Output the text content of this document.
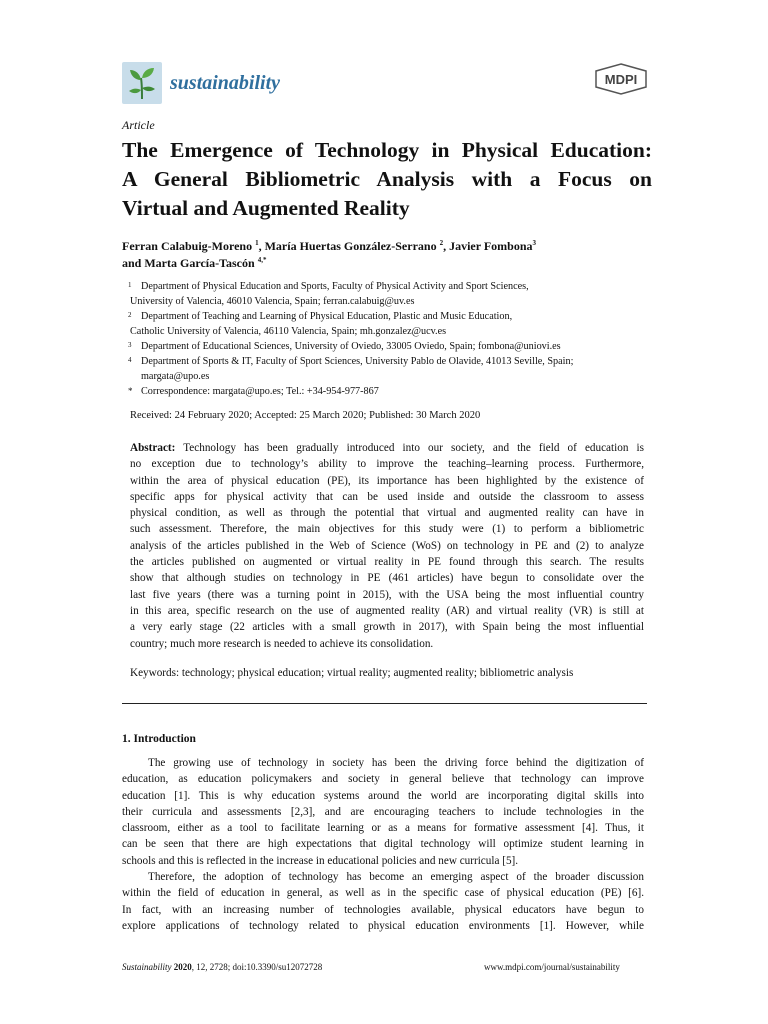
sustainability	MDPI
Article
The Emergence of Technology in Physical Education:
A General Bibliometric Analysis with a Focus on
Virtual and Augmented Reality
Ferran Calabuig-Moreno $^1$, María Huertas González-Serrano $^2$, Javier Fombona$^3$
and Marta García-Tascón $^{4,*}$
1 Department of Physical Education and Sports, Faculty of Physical Activity and Sport Sciences,
University of Valencia, 46010 Valencia, Spain; ferran.calabuig@uv.es
2 Department of Teaching and Learning of Physical Education, Plastic and Music Education,
Catholic University of Valencia, 46110 Valencia, Spain; mh.gonzalez@ucv.es
3 Department of Educational Sciences, University of Oviedo, 33005 Oviedo, Spain; fombona@uniovi.es
4 Department of Sports & IT, Faculty of Sport Sciences, University Pablo de Olavide, 41013 Seville, Spain;
margata@upo.es
* Correspondence: margata@upo.es; Tel.: +34-954-977-867
Received: 24 February 2020; Accepted: 25 March 2020; Published: 30 March 2020
Abstract: Technology has been gradually introduced into our society, and the field of education is
no exception due to technology’s ability to improve the teaching–learning process. Furthermore,
within the area of physical education (PE), its importance has been highlighted by the existence of
specific apps for physical activity that can be used inside and outside the classroom to assess
physical condition, as well as through the potential that virtual and augmented reality can have in
such assessment. Therefore, the main objectives for this study were (1) to perform a bibliometric
analysis of the articles published in the Web of Science (WoS) on technology in PE and (2) to analyze
the articles published on augmented or virtual reality in PE found through this search. The results
show that although studies on technology in PE (461 articles) have begun to consolidate over the
last five years (there was a turning point in 2015), with the USA being the most influential country
in this area, specific research on the use of augmented reality (AR) and virtual reality (VR) is still at
a very early stage (22 articles with a small growth in 2017), with Spain being the most influential
country; much more research is needed to achieve its consolidation.
Keywords: technology; physical education; virtual reality; augmented reality; bibliometric analysis
1. Introduction
The growing use of technology in society has been the driving force behind the digitization of
education, as education policymakers and society in general believe that technology can improve
education [1]. This is why education systems around the world are incorporating digital skills into
their curricula and assessments [2,3], and are encouraging teachers to include technologies in the
classroom, either as a tool to facilitate learning or as a means for formative assessment [4]. Thus, it
can be seen that there are high expectations that digital technology will optimize student learning in
schools and this is reflected in the increase in educational policies and new curricula [5].
Therefore, the adoption of technology has become an emerging aspect of the broader discussion
within the field of education in general, as well as in the specific case of physical education (PE) [6].
In fact, with an increasing number of technologies available, physical educators have begun to
explore applications of technology related to physical education environments [1]. However, while
Sustainability 2020, 12, 2728; doi:10.3390/su12072728	www.mdpi.com/journal/sustainability
